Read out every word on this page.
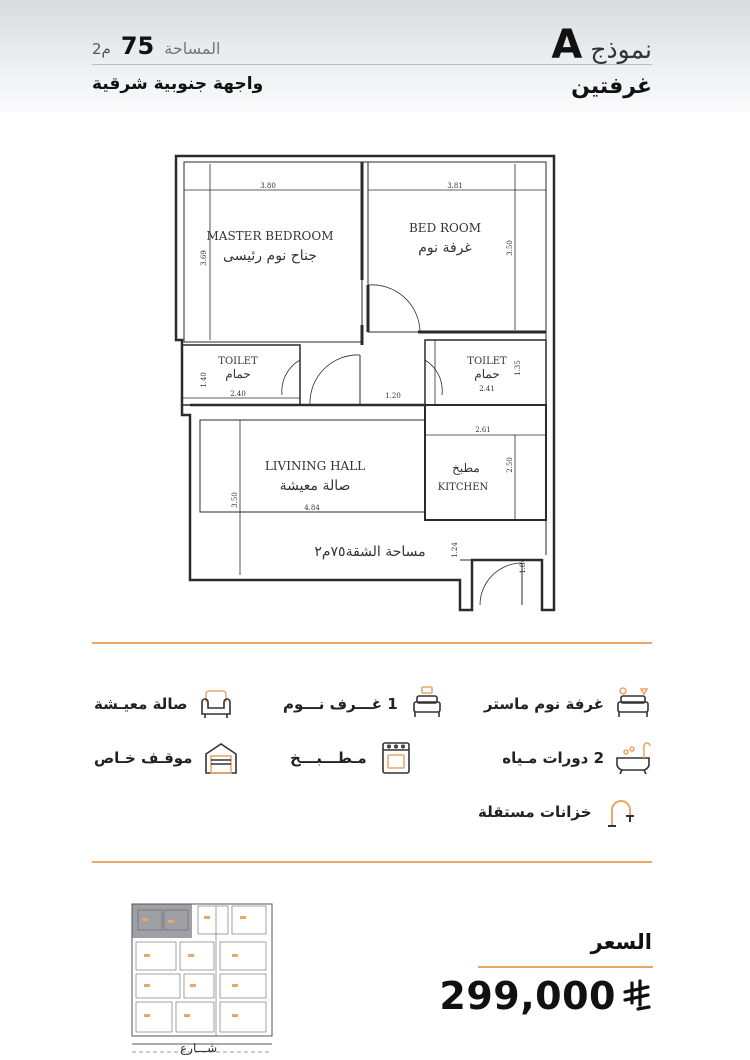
A نموذج
غرفتين
م2 75 المساحة
واجهة جنوبية شرقية
MASTER BEDROOM
جناح نوم رئيسى
BED ROOM
غرفة نوم
TOILET
حمام
TOILET
حمام
LIVINING HALL
صالة معيشة
مطبخ
KITCHEN
مساحة الشقة٧٥م٢
3.80	3.81
3.69
3.50
1.40
2.40	1.20
2.41
1.35
2.61
2.50
4.84
3.50
1.24
1.84
غرفة نوم ماستر
2 دورات مـياه
خزانات مستقلة
1 غـــرف نـــوم
مـطـــبـــخ
صالة معيـشة
موقـف خـاص
شـــارع
السعر
299,000
